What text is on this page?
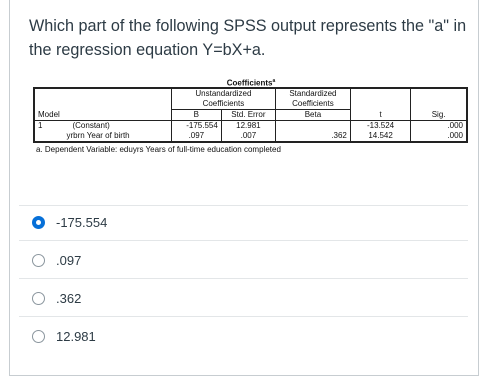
Which part of the following SPSS output represents the "a" in the regression equation Y=bX+a.
Coefficients$^a$
		Unstandardized Coefficients		Standardized Coefficients		
Model		B	Std. Error	Beta	t	Sig.
1	(Constant)	-175.554	12.981		-13.524	.000
	yrbrn Year of birth	.097	.007	.362	14.542	.000
a. Dependent Variable: eduyrs Years of full-time education completed
-175.554
.097
.362
12.981
